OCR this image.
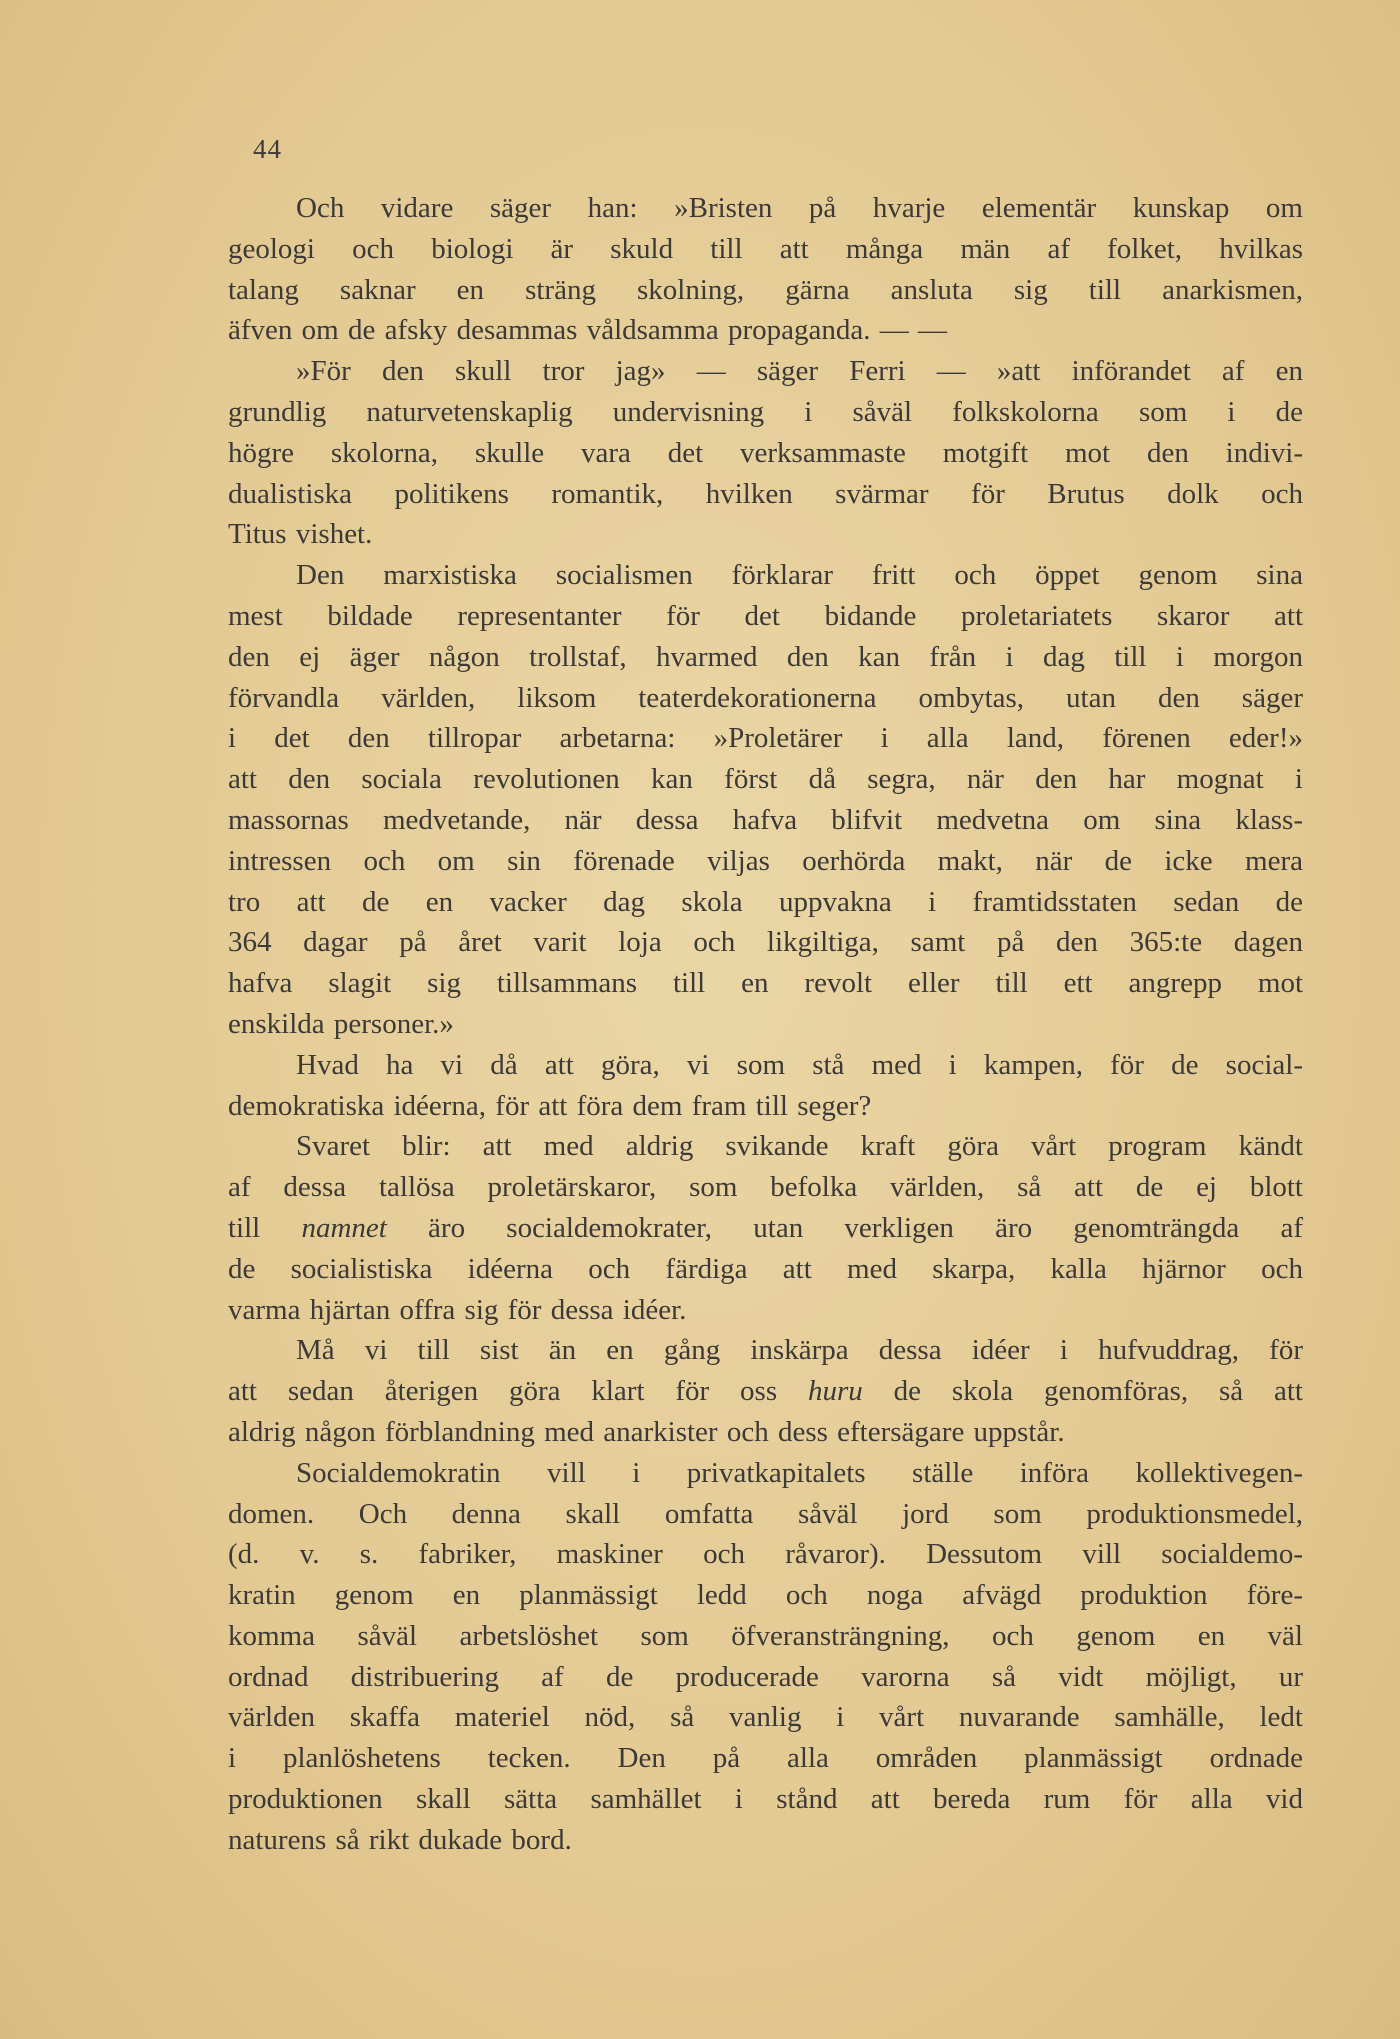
44
Och vidare säger han: »Bristen på hvarje elementär kunskap om
geologi och biologi är skuld till att många män af folket, hvilkas
talang saknar en sträng skolning, gärna ansluta sig till anarkismen,
äfven om de afsky desammas våldsamma propaganda. — —
»För den skull tror jag» — säger Ferri — »att införandet af en
grundlig naturvetenskaplig undervisning i såväl folkskolorna som i de
högre skolorna, skulle vara det verksammaste motgift mot den indivi-
dualistiska politikens romantik, hvilken svärmar för Brutus dolk och
Titus vishet.
Den marxistiska socialismen förklarar fritt och öppet genom sina
mest bildade representanter för det bidande proletariatets skaror att
den ej äger någon trollstaf, hvarmed den kan från i dag till i morgon
förvandla världen, liksom teaterdekorationerna ombytas, utan den säger
i det den tillropar arbetarna: »Proletärer i alla land, förenen eder!»
att den sociala revolutionen kan först då segra, när den har mognat i
massornas medvetande, när dessa hafva blifvit medvetna om sina klass-
intressen och om sin förenade viljas oerhörda makt, när de icke mera
tro att de en vacker dag skola uppvakna i framtidsstaten sedan de
364 dagar på året varit loja och likgiltiga, samt på den 365:te dagen
hafva slagit sig tillsammans till en revolt eller till ett angrepp mot
enskilda personer.»
Hvad ha vi då att göra, vi som stå med i kampen, för de social-
demokratiska idéerna, för att föra dem fram till seger?
Svaret blir: att med aldrig svikande kraft göra vårt program kändt
af dessa tallösa proletärskaror, som befolka världen, så att de ej blott
till namnet äro socialdemokrater, utan verkligen äro genomträngda af
de socialistiska idéerna och färdiga att med skarpa, kalla hjärnor och
varma hjärtan offra sig för dessa idéer.
Må vi till sist än en gång inskärpa dessa idéer i hufvuddrag, för
att sedan återigen göra klart för oss huru de skola genomföras, så att
aldrig någon förblandning med anarkister och dess eftersägare uppstår.
Socialdemokratin vill i privatkapitalets ställe införa kollektivegen-
domen. Och denna skall omfatta såväl jord som produktionsmedel,
(d. v. s. fabriker, maskiner och råvaror). Dessutom vill socialdemo-
kratin genom en planmässigt ledd och noga afvägd produktion före-
komma såväl arbetslöshet som öfveransträngning, och genom en väl
ordnad distribuering af de producerade varorna så vidt möjligt, ur
världen skaffa materiel nöd, så vanlig i vårt nuvarande samhälle, ledt
i planlöshetens tecken. Den på alla områden planmässigt ordnade
produktionen skall sätta samhället i stånd att bereda rum för alla vid
naturens så rikt dukade bord.
